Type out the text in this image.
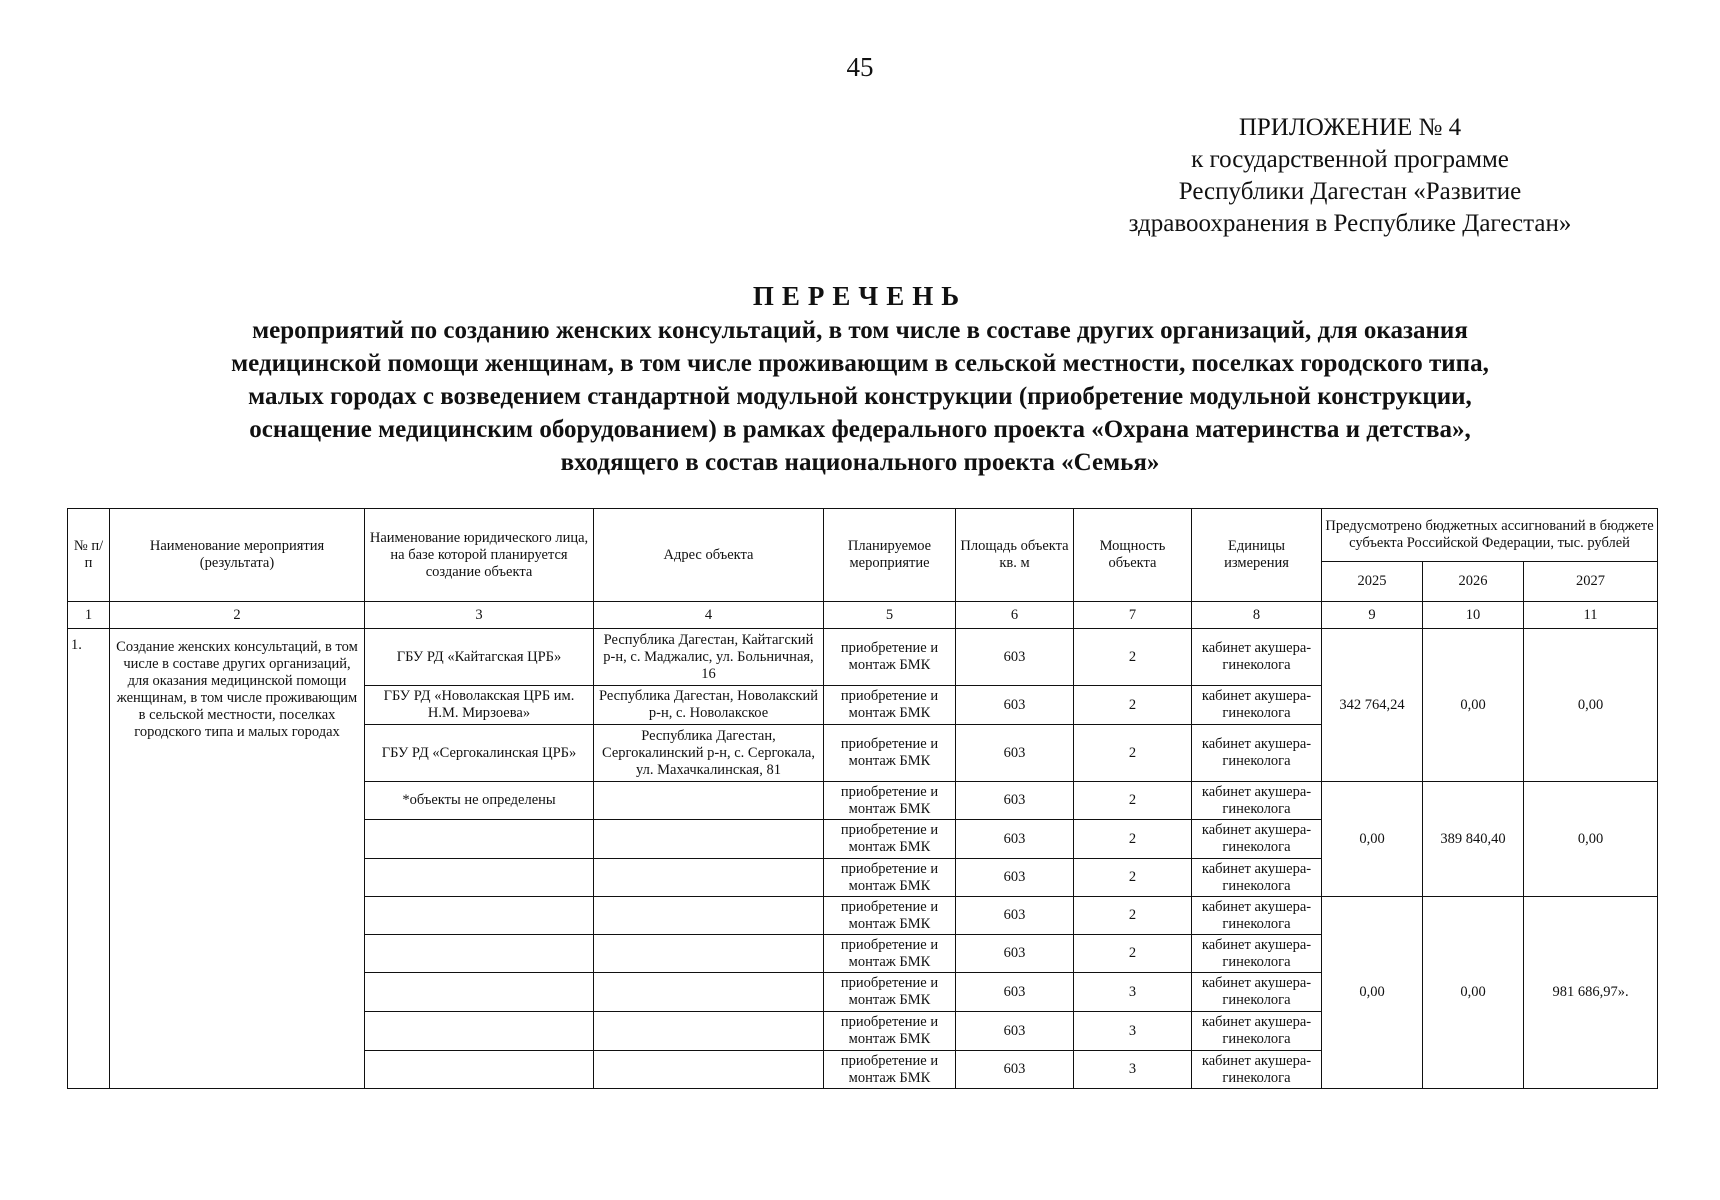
45
ПРИЛОЖЕНИЕ № 4
к государственной программе
Республики Дагестан «Развитие
здравоохранения в Республике Дагестан»
ПЕРЕЧЕНЬ
мероприятий по созданию женских консультаций, в том числе в составе других организаций, для оказания
медицинской помощи женщинам, в том числе проживающим в сельской местности, поселках городского типа,
малых городах с возведением стандартной модульной конструкции (приобретение модульной конструкции,
оснащение медицинским оборудованием) в рамках федерального проекта «Охрана материнства и детства»,
входящего в состав национального проекта «Семья»
№ п/ п	Наименование мероприятия (результата)	Наименование юридического лица, на базе которой планируется создание объекта	Адрес объекта	Планируемое мероприятие	Площадь объекта кв. м	Мощность объекта	Единицы измерения	Предусмотрено бюджетных ассигнований в бюджете субъекта Российской Федерации, тыс. рублей		
								2025	2026	2027
1	2	3	4	5	6	7	8	9	10	11
1.	Создание женских консультаций, в том числе в составе других организаций, для оказания медицинской помощи женщинам, в том числе проживающим в сельской местности, поселках городского типа и малых городах	ГБУ РД «Кайтагская ЦРБ»	Республика Дагестан, Кайтагский р-н, с. Маджалис, ул. Больничная, 16	приобретение и монтаж БМК	603	2	кабинет акушера-гинеколога	342 764,24	0,00	0,00
		ГБУ РД «Новолакская ЦРБ им. Н.М. Мирзоева»	Республика Дагестан, Новолакский р-н, с. Новолакское	приобретение и монтаж БМК	603	2	кабинет акушера-гинеколога			
		ГБУ РД «Сергокалинская ЦРБ»	Республика Дагестан, Сергокалинский р-н, с. Сергокала, ул. Махачкалинская, 81	приобретение и монтаж БМК	603	2	кабинет акушера-гинеколога			
		*объекты не определены		приобретение и монтаж БМК	603	2	кабинет акушера-гинеколога	0,00	389 840,40	0,00
				приобретение и монтаж БМК	603	2	кабинет акушера-гинеколога			
				приобретение и монтаж БМК	603	2	кабинет акушера-гинеколога			
				приобретение и монтаж БМК	603	2	кабинет акушера-гинеколога	0,00	0,00	981 686,97».
				приобретение и монтаж БМК	603	2	кабинет акушера-гинеколога			
				приобретение и монтаж БМК	603	3	кабинет акушера-гинеколога			
				приобретение и монтаж БМК	603	3	кабинет акушера-гинеколога			
				приобретение и монтаж БМК	603	3	кабинет акушера-гинеколога			
